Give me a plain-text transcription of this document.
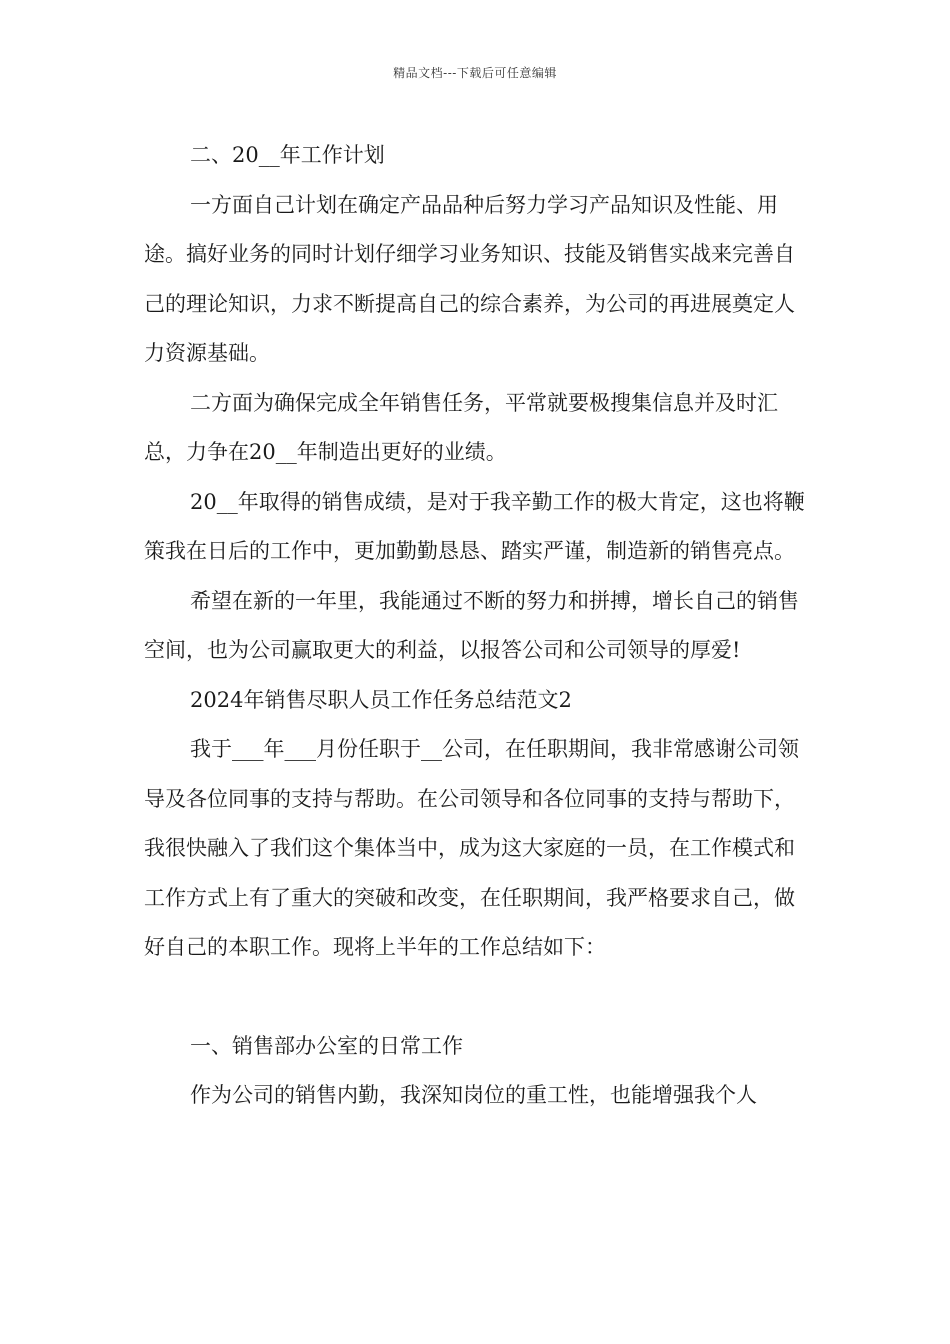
精品文档---下载后可任意编辑

二、20__年工作计划

一方面自己计划在确定产品品种后努力学习产品知识及性能、用途。搞好业务的同时计划仔细学习业务知识、技能及销售实战来完善自己的理论知识，力求不断提高自己的综合素养，为公司的再进展奠定人力资源基础。

二方面为确保完成全年销售任务，平常就要极搜集信息并及时汇总，力争在20__年制造出更好的业绩。

20__年取得的销售成绩，是对于我辛勤工作的极大肯定，这也将鞭策我在日后的工作中，更加勤勤恳恳、踏实严谨，制造新的销售亮点。

希望在新的一年里，我能通过不断的努力和拼搏，增长自己的销售空间，也为公司赢取更大的利益，以报答公司和公司领导的厚爱!

2024年销售尽职人员工作任务总结范文2

我于___年___月份任职于__公司，在任职期间，我非常感谢公司领导及各位同事的支持与帮助。在公司领导和各位同事的支持与帮助下，我很快融入了我们这个集体当中，成为这大家庭的一员，在工作模式和工作方式上有了重大的突破和改变，在任职期间，我严格要求自己，做好自己的本职工作。现将上半年的工作总结如下：

一、销售部办公室的日常工作

作为公司的销售内勤，我深知岗位的重工性，也能增强我个人
